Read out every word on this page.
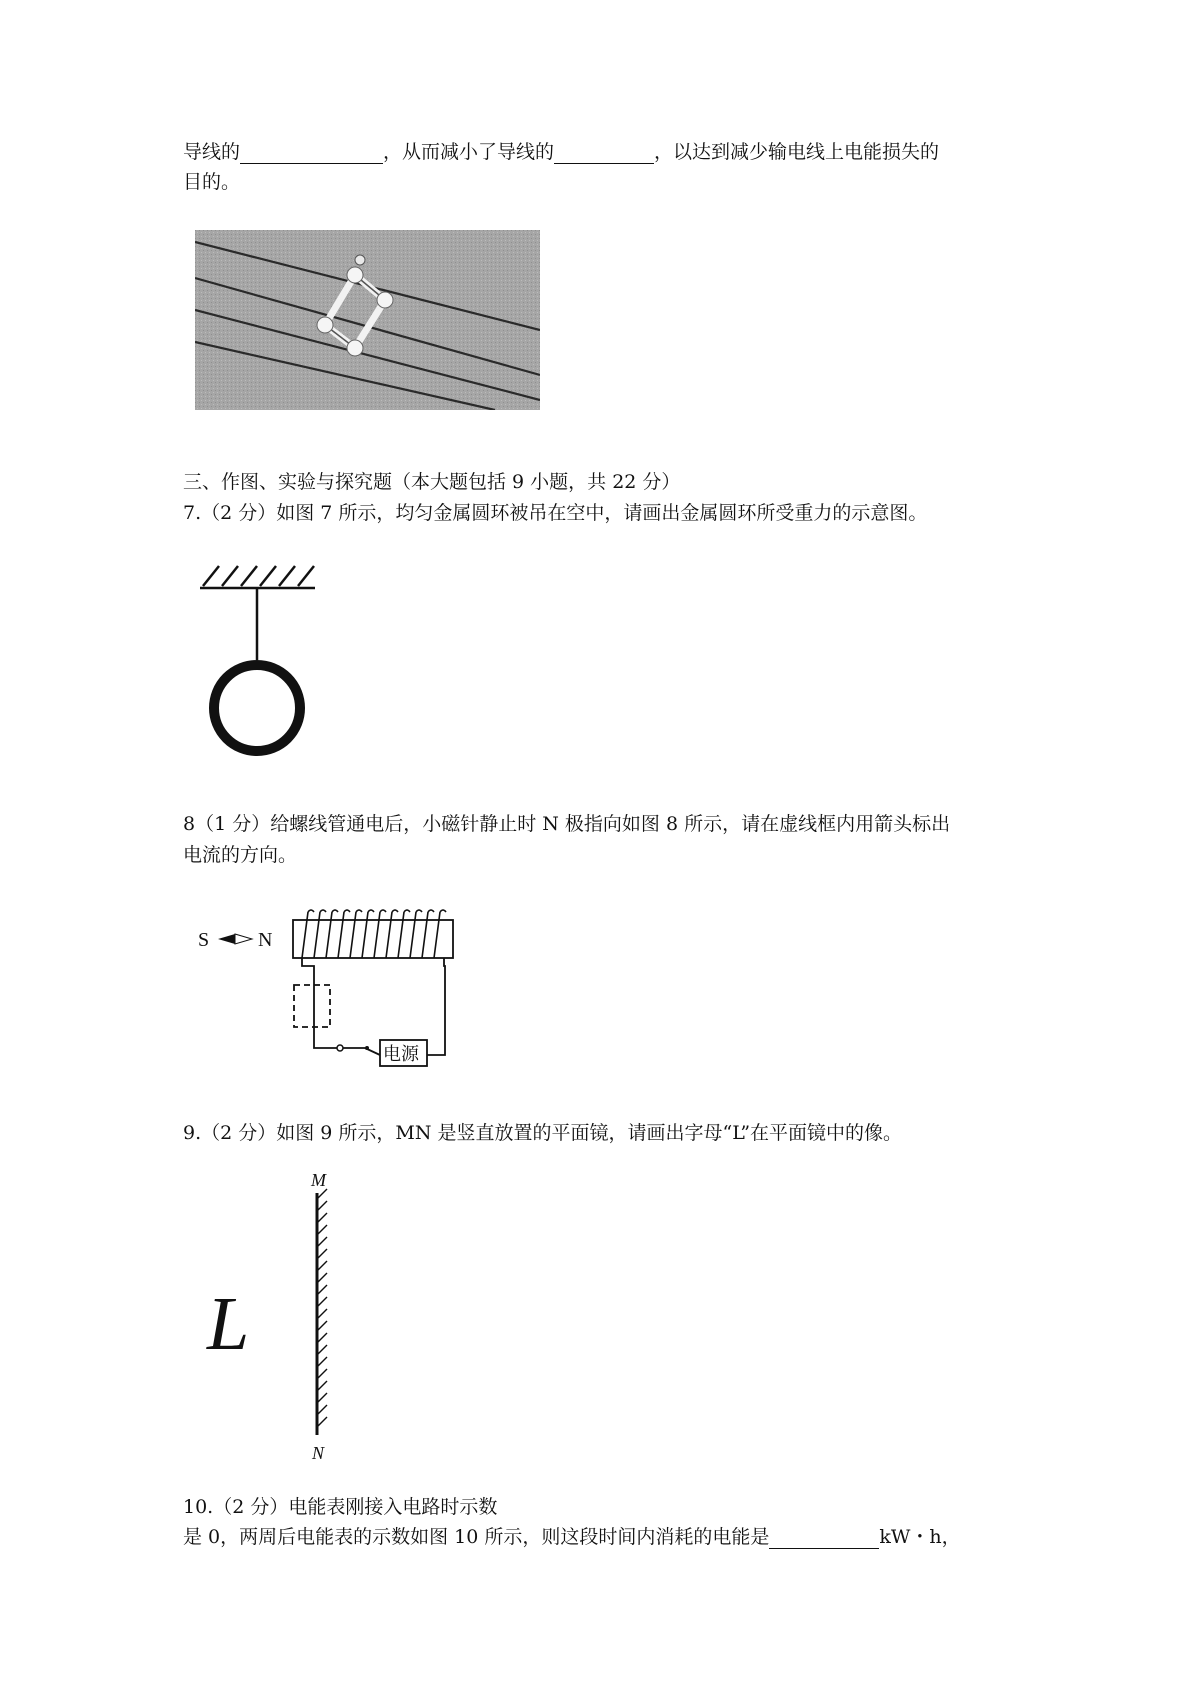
导线的	，从而减小了导线的	，以达到减少输电线上电能损失的
目的。
三、作图、实验与探究题（本大题包括 9 小题，共 22 分）
7.（2 分）如图 7 所示，均匀金属圆环被吊在空中，请画出金属圆环所受重力的示意图。
8（1 分）给螺线管通电后，小磁针静止时 N 极指向如图 8 所示，请在虚线框内用箭头标出
电流的方向。
S N
电源
9.（2 分）如图 9 所示，MN 是竖直放置的平面镜，请画出字母“L”在平面镜中的像。
M
N
L
10.（2 分）电能表刚接入电路时示数
是 0，两周后电能表的示数如图 10 所示，则这段时间内消耗的电能是	kW・h，
